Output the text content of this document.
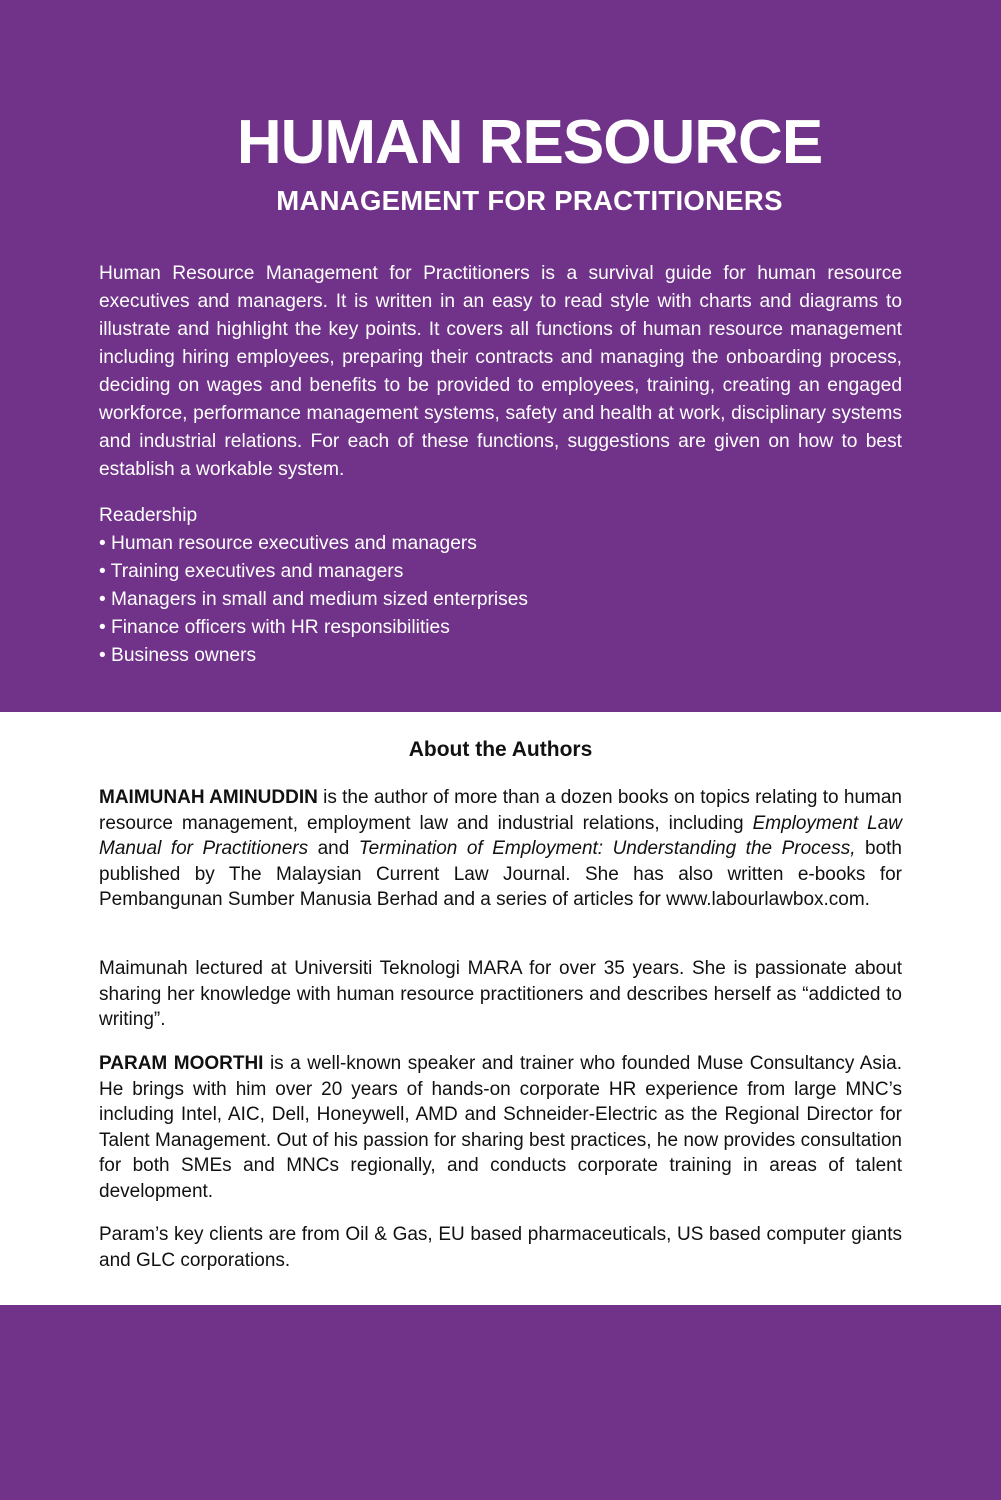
HUMAN RESOURCE
MANAGEMENT FOR PRACTITIONERS

Human Resource Management for Practitioners is a survival guide for human resource executives and managers. It is written in an easy to read style with charts and diagrams to illustrate and highlight the key points. It covers all functions of human resource management including hiring employees, preparing their contracts and managing the onboarding process, deciding on wages and benefits to be provided to employees, training, creating an engaged workforce, performance management systems, safety and health at work, disciplinary systems and industrial relations. For each of these functions, suggestions are given on how to best establish a workable system.

Readership
• Human resource executives and managers
• Training executives and managers
• Managers in small and medium sized enterprises
• Finance officers with HR responsibilities
• Business owners
About the Authors

MAIMUNAH AMINUDDIN is the author of more than a dozen books on topics relating to human resource management, employment law and industrial relations, including Employment Law Manual for Practitioners and Termination of Employment: Understanding the Process, both published by The Malaysian Current Law Journal. She has also written e-books for Pembangunan Sumber Manusia Berhad and a series of articles for www.labourlawbox.com.

Maimunah lectured at Universiti Teknologi MARA for over 35 years. She is passionate about sharing her knowledge with human resource practitioners and describes herself as “addicted to writing”.

PARAM MOORTHI is a well-known speaker and trainer who founded Muse Consultancy Asia. He brings with him over 20 years of hands-on corporate HR experience from large MNC’s including Intel, AIC, Dell, Honeywell, AMD and Schneider-Electric as the Regional Director for Talent Management. Out of his passion for sharing best practices, he now provides consultation for both SMEs and MNCs regionally, and conducts corporate training in areas of talent development.

Param’s key clients are from Oil & Gas, EU based pharmaceuticals, US based computer giants and GLC corporations.
